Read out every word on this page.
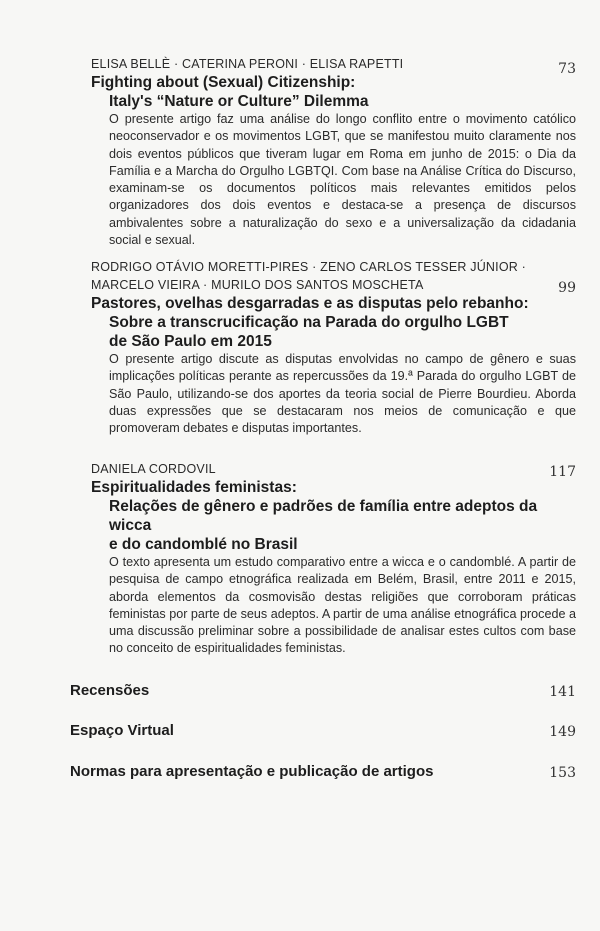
ELISA BELLÈ · CATERINA PERONI · ELISA RAPETTI	73
Fighting about (Sexual) Citizenship:
Italy's “Nature or Culture” Dilemma
O presente artigo faz uma análise do longo conflito entre o movimento católico neoconservador e os movimentos LGBT, que se manifestou muito claramente nos dois eventos públicos que tiveram lugar em Roma em junho de 2015: o Dia da Família e a Marcha do Orgulho LGBTQI. Com base na Análise Crítica do Discurso, examinam-se os documentos políticos mais relevantes emitidos pelos organizadores dos dois eventos e destaca-se a presença de discursos ambivalentes sobre a naturalização do sexo e a universalização da cidadania social e sexual.
RODRIGO OTÁVIO MORETTI-PIRES · ZENO CARLOS TESSER JÚNIOR · MARCELO VIEIRA · MURILO DOS SANTOS MOSCHETA	99
Pastores, ovelhas desgarradas e as disputas pelo rebanho:
Sobre a transcrucificação na Parada do orgulho LGBT
de São Paulo em 2015
O presente artigo discute as disputas envolvidas no campo de gênero e suas implicações políticas perante as repercussões da 19.ª Parada do orgulho LGBT de São Paulo, utilizando-se dos aportes da teoria social de Pierre Bourdieu. Aborda duas expressões que se destacaram nos meios de comunicação e que promoveram debates e disputas importantes.
DANIELA CORDOVIL	117
Espiritualidades feministas:
Relações de gênero e padrões de família entre adeptos da wicca
e do candomblé no Brasil
O texto apresenta um estudo comparativo entre a wicca e o candomblé. A partir de pesquisa de campo etnográfica realizada em Belém, Brasil, entre 2011 e 2015, aborda elementos da cosmovisão destas religiões que corroboram práticas feministas por parte de seus adeptos. A partir de uma análise etnográfica procede a uma discussão preliminar sobre a possibilidade de analisar estes cultos com base no conceito de espiritualidades feministas.
Recensões	141
Espaço Virtual	149
Normas para apresentação e publicação de artigos	153
